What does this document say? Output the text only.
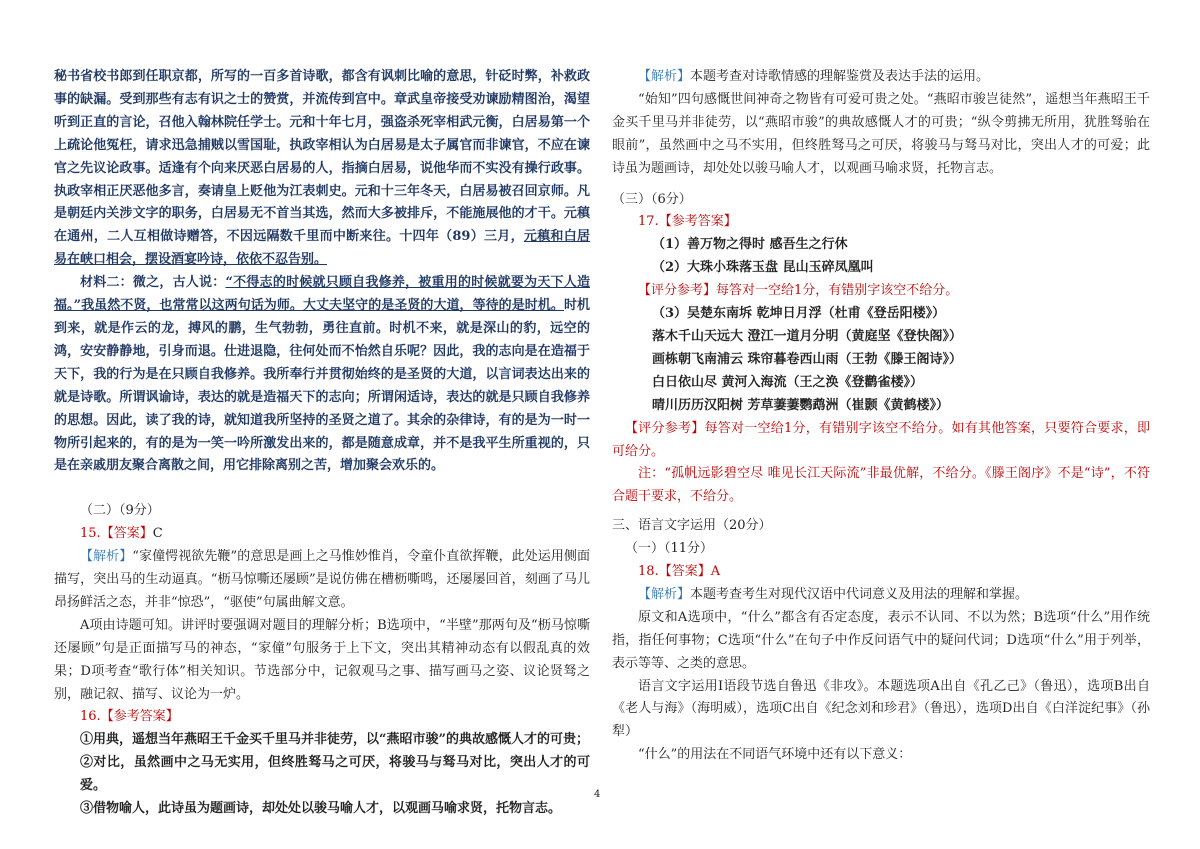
秘书省校书郎到任职京都，所写的一百多首诗歌，都含有讽刺比喻的意思，针砭时弊，补救政事的缺漏。受到那些有志有识之士的赞赏，并流传到宫中。章武皇帝接受劝谏励精图治，渴望听到正直的言论，召他入翰林院任学士。元和十年七月，强盗杀死宰相武元衡，白居易第一个上疏论他冤枉，请求迅急捕贼以雪国耻，执政宰相认为白居易是太子属官而非谏官，不应在谏官之先议论政事。适逢有个向来厌恶白居易的人，指摘白居易，说他华而不实没有操行政事。执政宰相正厌恶他多言，奏请皇上贬他为江表刺史。元和十三年冬天，白居易被召回京师。凡是朝廷内关涉文字的职务，白居易无不首当其选，然而大多被排斥，不能施展他的才干。元稹在通州，二人互相做诗赠答，不因远隔数千里而中断来往。十四年（89）三月，元稹和白居易在峡口相会，摆设酒宴吟诗，依依不忍告别。

材料二：微之，古人说：“不得志的时候就只顾自我修养，被重用的时候就要为天下人造福。”我虽然不贤，也常常以这两句话为师。大丈夫坚守的是圣贤的大道，等待的是时机。时机到来，就是作云的龙，搏风的鹏，生气勃勃，勇往直前。时机不来，就是深山的豹，远空的鸿，安安静静地，引身而退。仕进退隐，往何处而不怡然自乐呢？因此，我的志向是在造福于天下，我的行为是在只顾自我修养。我所奉行并贯彻始终的是圣贤的大道，以言词表达出来的就是诗歌。所谓讽谕诗，表达的就是造福天下的志向；所谓闲适诗，表达的就是只顾自我修养的思想。因此，读了我的诗，就知道我所坚持的圣贤之道了。其余的杂律诗，有的是为一时一物所引起来的，有的是为一笑一吟所激发出来的，都是随意成章，并不是我平生所重视的，只是在亲戚朋友聚合离散之间，用它排除离别之苦，增加聚会欢乐的。

（二）（9分）

15.【答案】C

【解析】“家僮愕视欲先鞭”的意思是画上之马惟妙惟肖，令童仆直欲挥鞭，此处运用侧面描写，突出马的生动逼真。“枥马惊嘶还屡顾”是说仿佛在槽枥嘶鸣，还屡屡回首，刻画了马儿昂扬鲜活之态，并非“惊恐”，“驱使”句属曲解文意。

A项由诗题可知。讲评时要强调对题目的理解分析；B选项中，“半壁”那两句及“枥马惊嘶还屡顾”句是正面描写马的神态，“家僮”句服务于上下文，突出其精神动态有以假乱真的效果；D项考查“歌行体”相关知识。节选部分中，记叙观马之事、描写画马之姿、议论贤驽之别，融记叙、描写、议论为一炉。

16.【参考答案】

①用典，遥想当年燕昭王千金买千里马并非徒劳，以“燕昭市骏”的典故感慨人才的可贵；

②对比，虽然画中之马无实用，但终胜驽马之可厌，将骏马与驽马对比，突出人才的可爱。

③借物喻人，此诗虽为题画诗，却处处以骏马喻人才，以观画马喻求贤，托物言志。

【解析】本题考查对诗歌情感的理解鉴赏及表达手法的运用。

“始知”四句感慨世间神奇之物皆有可爱可贵之处。“燕昭市骏岂徒然”，遥想当年燕昭王千金买千里马并非徒劳，以“燕昭市骏”的典故感慨人才的可贵；“纵令剪拂无所用，犹胜驽骀在眼前”，虽然画中之马不实用，但终胜驽马之可厌，将骏马与驽马对比，突出人才的可爱；此诗虽为题画诗，却处处以骏马喻人才，以观画马喻求贤，托物言志。

（三）（6分）

17.【参考答案】

（1）善万物之得时 感吾生之行休

（2）大珠小珠落玉盘 昆山玉碎凤凰叫

【评分参考】每答对一空给1分，有错别字该空不给分。

（3）吴楚东南坼 乾坤日月浮（杜甫《登岳阳楼》）

落木千山天远大 澄江一道月分明（黄庭坚《登快阁》）

画栋朝飞南浦云 珠帘暮卷西山雨（王勃《滕王阁诗》）

白日依山尽 黄河入海流（王之涣《登鹳雀楼》）

晴川历历汉阳树 芳草萋萋鹦鹉洲（崔颢《黄鹤楼》）

【评分参考】每答对一空给1分，有错别字该空不给分。如有其他答案，只要符合要求，即可给分。

注：“孤帆远影碧空尽 唯见长江天际流”非最优解，不给分。《滕王阁序》不是“诗”，不符合题干要求，不给分。

三、语言文字运用（20分）

（一）（11分）

18.【答案】A

【解析】本题考查考生对现代汉语中代词意义及用法的理解和掌握。

原文和A选项中，“什么”都含有否定态度，表示不认同、不以为然；B选项“什么”用作统指，指任何事物；C选项“什么”在句子中作反问语气中的疑问代词；D选项“什么”用于列举，表示等等、之类的意思。

语言文字运用Ⅰ语段节选自鲁迅《非攻》。本题选项A出自《孔乙己》（鲁迅），选项B出自《老人与海》（海明威），选项C出自《纪念刘和珍君》（鲁迅），选项D出自《白洋淀纪事》（孙犁）

“什么”的用法在不同语气环境中还有以下意义：

4
